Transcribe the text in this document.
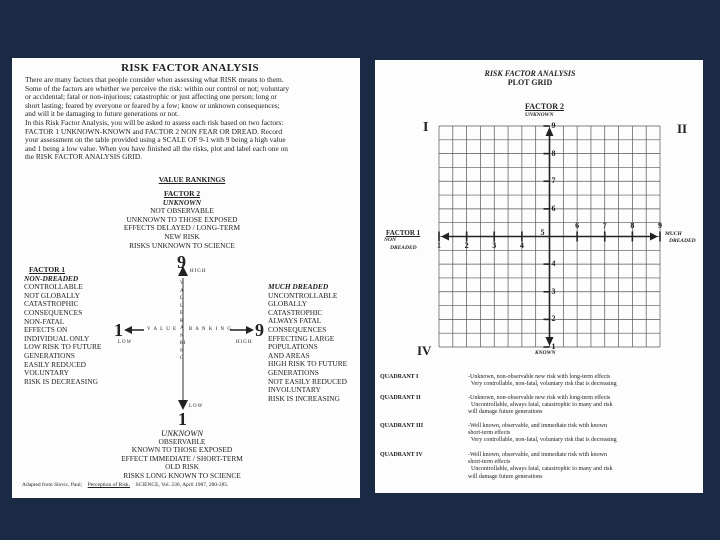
RISK FACTOR ANALYSIS
There are many factors that people consider when assessing what RISK means to them.
Some of the factors are whether we perceive the risk: within our control or not; voluntary
or accidental; fatal or non-injurious; catastrophic or just affecting one person; long or
short lasting; feared by everyone or feared by a few; know or unknown consequences;
and will it be damaging to future generations or not.
In this Risk Factor Analysis, you will be asked to assess each risk based on two factors:
FACTOR 1 UNKNOWN-KNOWN and FACTOR 2 NON FEAR OR DREAD. Record
your assessment on the table provided using a SCALE OF 9-1 with 9 being a high value
and 1 being a low value. When you have finished all the risks, plot and label each one on
the RISK FACTOR ANALYSIS GRID.
VALUE RANKINGS
FACTOR 2
UNKNOWN
NOT OBSERVABLE
UNKNOWN TO THOSE EXPOSED
EFFECTS DELAYED / LONG-TERM
NEW RISK
RISKS UNKNOWN TO SCIENCE
FACTOR 1
NON-DREADED
CONTROLLABLE
NOT GLOBALLY
CATASTROPHIC
CONSEQUENCES
NON-FATAL
EFFECTS ON
INDIVIDUAL ONLY
LOW RISK TO FUTURE
GENERATIONS
EASILY REDUCED
VOLUNTARY
RISK IS DECREASING
MUCH DREADED
UNCONTROLLABLE
GLOBALLY
CATASTROPHIC
ALWAYS FATAL
CONSEQUENCES
EFFECTING LARGE
POPULATIONS
AND AREAS
HIGH RISK TO FUTURE
GENERATIONS
NOT EASILY REDUCED
INVOLUNTARY
RISK IS INCREASING
9 HIGH
1
LOW
V A L U E R A N K I N G
VALUE RANKING
9
HIGH
LOW
1
UNKNOWN
OBSERVABLE
KNOWN TO THOSE EXPOSED
EFFECT IMMEDIATE / SHORT-TERM
OLD RISK
RISKS LONG KNOWN TO SCIENCE
Adapted from Slovic, Paul; Perception of Risk. SCIENCE, Vol. 236, April 1987, 280-285.
RISK FACTOR ANALYSIS
PLOT GRID
FACTOR 2
UNKNOWN
I	II
IV
FACTOR 1
NON
DREADED
MUCH
DREADED
KNOWN
1	2	3	4
5
6	7	8	9
9
8
7
6
4
3
2
1
QUADRANT I	-Unknown, non-observable new risk with long-term effects
Very controllable, non-fatal, voluntary risk that is decreasing
QUADRANT II	-Unknown, non-observable new risk with long-term effects
Uncontrollable, always fatal, catastrophic to many and risk
will damage future generations
QUADRANT III	-Well known, observable, and immediate risk with known
short-term effects
Very controllable, non-fatal, voluntary risk that is decreasing
QUADRANT IV	-Well known, observable, and immediate risk with known
short-term effects
Uncontrollable, always fatal, catastrophic to many and risk
will damage future generations
